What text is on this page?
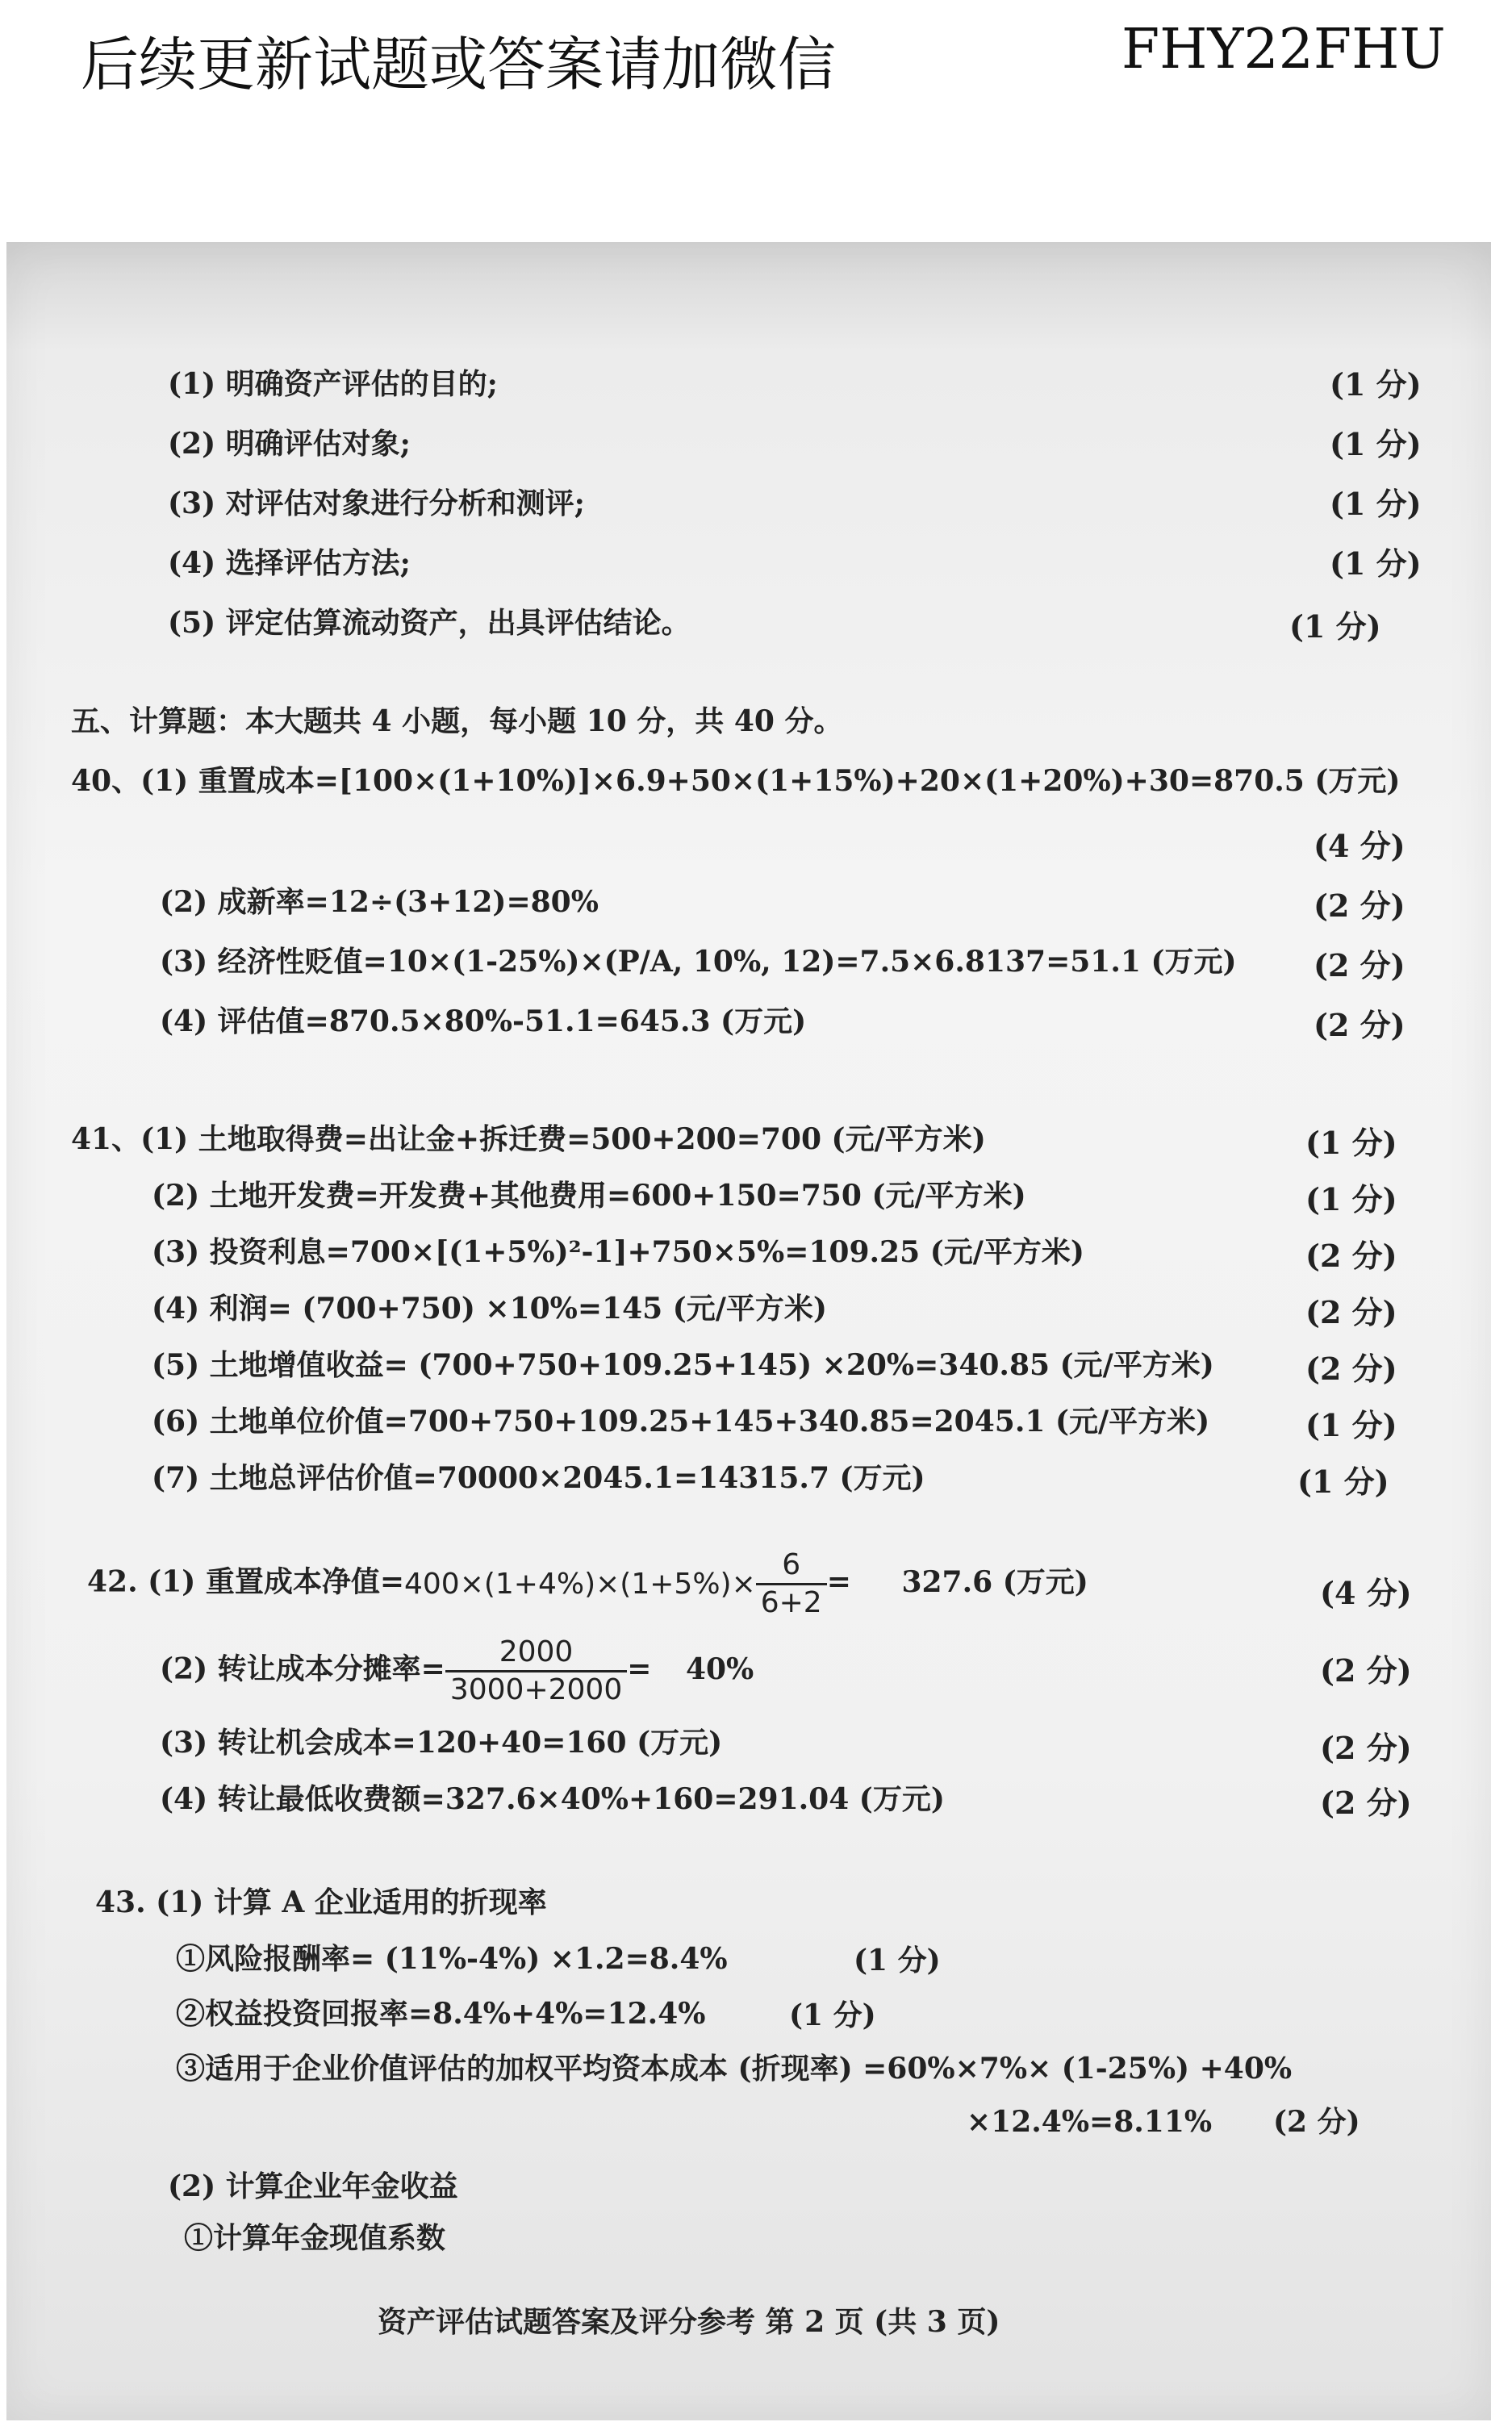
后续更新试题或答案请加微信	FHY22FHU
(1) 明确资产评估的目的;	(1 分)
(2) 明确评估对象;	(1 分)
(3) 对评估对象进行分析和测评;	(1 分)
(4) 选择评估方法;	(1 分)
(5) 评定估算流动资产，出具评估结论。	(1 分)
五、计算题：本大题共 4 小题，每小题 10 分，共 40 分。
40、(1) 重置成本=[100×(1+10%)]×6.9+50×(1+15%)+20×(1+20%)+30=870.5 (万元)
(4 分)
(2) 成新率=12÷(3+12)=80%	(2 分)
(3) 经济性贬值=10×(1-25%)×(P/A, 10%, 12)=7.5×6.8137=51.1 (万元)	(2 分)
(4) 评估值=870.5×80%-51.1=645.3 (万元)	(2 分)
41、(1) 土地取得费=出让金+拆迁费=500+200=700 (元/平方米)	(1 分)
(2) 土地开发费=开发费+其他费用=600+150=750 (元/平方米)	(1 分)
(3) 投资利息=700×[(1+5%)²-1]+750×5%=109.25 (元/平方米)	(2 分)
(4) 利润= (700+750) ×10%=145 (元/平方米)	(2 分)
(5) 土地增值收益= (700+750+109.25+145) ×20%=340.85 (元/平方米)	(2 分)
(6) 土地单位价值=700+750+109.25+145+340.85=2045.1 (元/平方米)	(1 分)
(7) 土地总评估价值=70000×2045.1=14315.7 (万元)	(1 分)
42. (1) 重置成本净值$=400\times(1+4\%)\times(1+5\%)\times \frac{6}{6+2} = 327.6$ (万元)	(4 分)
(2) 转让成本分摊率= $\frac{2000}{3000+2000} = 40\%$	(2 分)
(3) 转让机会成本=120+40=160 (万元)	(2 分)
(4) 转让最低收费额=327.6×40%+160=291.04 (万元)	(2 分)
43. (1) 计算 A 企业适用的折现率
①风险报酬率= (11%-4%) ×1.2=8.4%	(1 分)
②权益投资回报率=8.4%+4%=12.4%	(1 分)
③适用于企业价值评估的加权平均资本成本 (折现率) =60%×7%× (1-25%) +40%
×12.4%=8.11% (2 分)
(2) 计算企业年金收益
①计算年金现值系数
资产评估试题答案及评分参考 第 2 页 (共 3 页)
